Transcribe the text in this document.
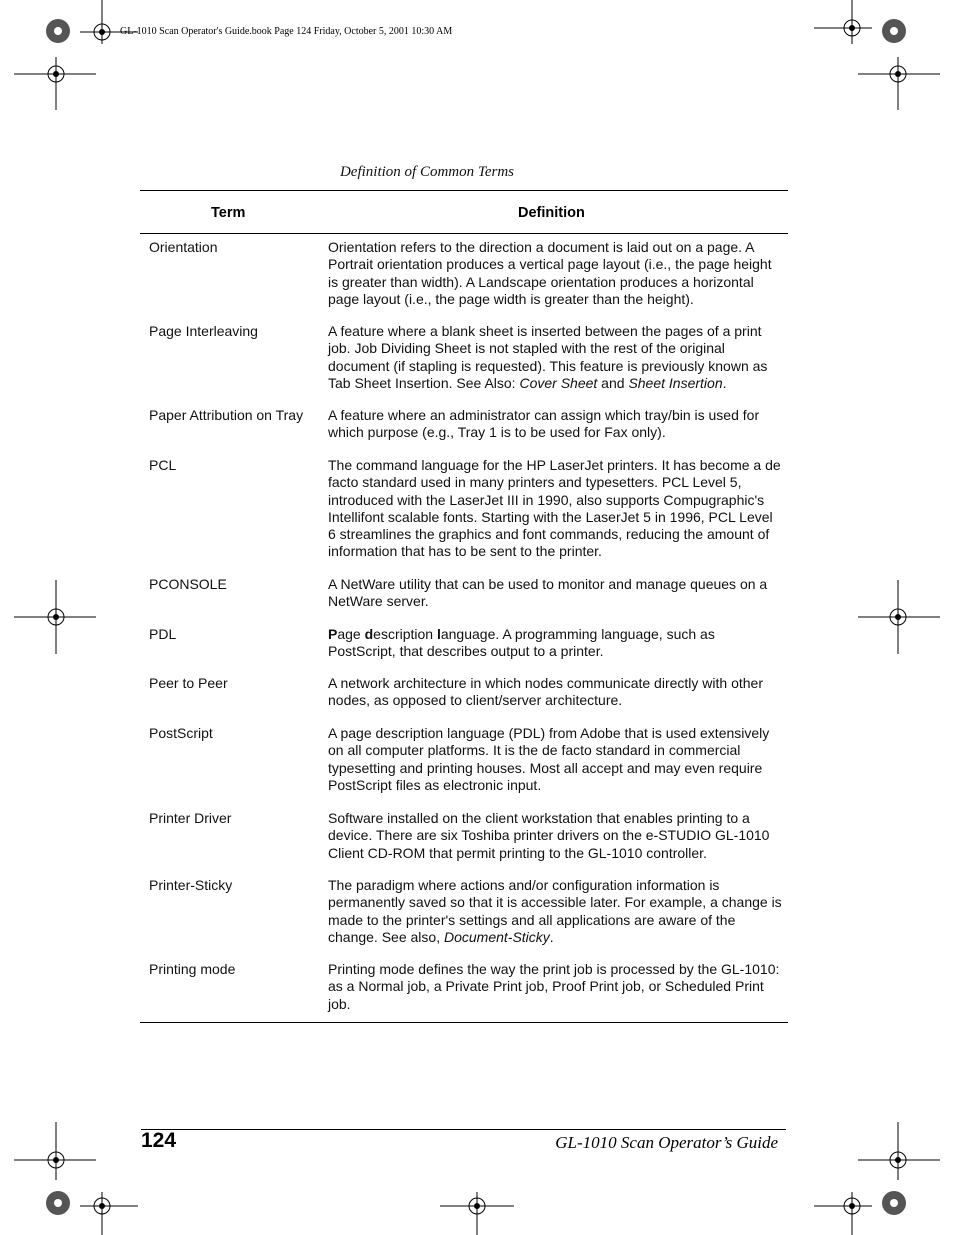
GL-1010 Scan Operator's Guide.book Page 124 Friday, October 5, 2001 10:30 AM
Definition of Common Terms
Term	Definition
Orientation	Orientation refers to the direction a document is laid out on a page. A Portrait orientation produces a vertical page layout (i.e., the page height is greater than width). A Landscape orientation produces a horizontal page layout (i.e., the page width is greater than the height).
Page Interleaving	A feature where a blank sheet is inserted between the pages of a print job. Job Dividing Sheet is not stapled with the rest of the original document (if stapling is requested). This feature is previously known as Tab Sheet Insertion. See Also: Cover Sheet and Sheet Insertion.
Paper Attribution on Tray	A feature where an administrator can assign which tray/bin is used for which purpose (e.g., Tray 1 is to be used for Fax only).
PCL	The command language for the HP LaserJet printers. It has become a de facto standard used in many printers and typesetters. PCL Level 5, introduced with the LaserJet III in 1990, also supports Compugraphic's Intellifont scalable fonts. Starting with the LaserJet 5 in 1996, PCL Level 6 streamlines the graphics and font commands, reducing the amount of information that has to be sent to the printer.
PCONSOLE	A NetWare utility that can be used to monitor and manage queues on a NetWare server.
PDL	Page description language. A programming language, such as PostScript, that describes output to a printer.
Peer to Peer	A network architecture in which nodes communicate directly with other nodes, as opposed to client/server architecture.
PostScript	A page description language (PDL) from Adobe that is used extensively on all computer platforms. It is the de facto standard in commercial typesetting and printing houses. Most all accept and may even require PostScript files as electronic input.
Printer Driver	Software installed on the client workstation that enables printing to a device. There are six Toshiba printer drivers on the e-STUDIO GL-1010 Client CD-ROM that permit printing to the GL-1010 controller.
Printer-Sticky	The paradigm where actions and/or configuration information is permanently saved so that it is accessible later. For example, a change is made to the printer's settings and all applications are aware of the change. See also, Document-Sticky.
Printing mode	Printing mode defines the way the print job is processed by the GL-1010: as a Normal job, a Private Print job, Proof Print job, or Scheduled Print job.
124	GL-1010 Scan Operator’s Guide
